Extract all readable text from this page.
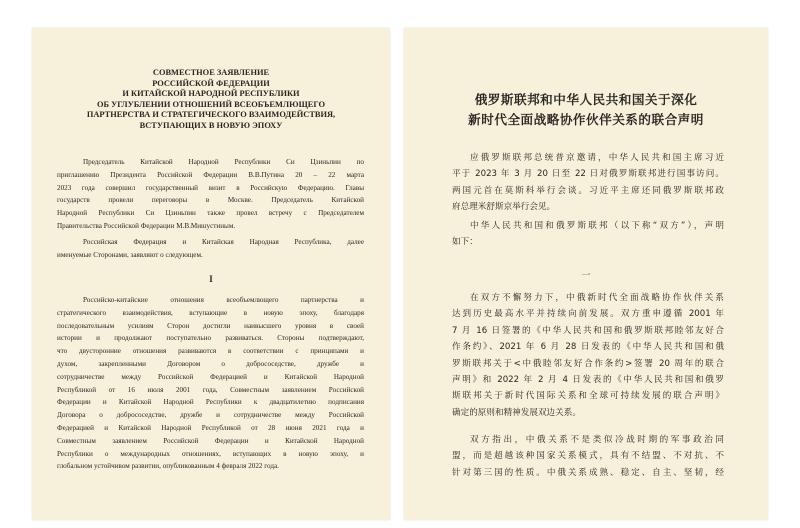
СОВМЕСТНОЕ ЗАЯВЛЕНИЕ
РОССИЙСКОЙ ФЕДЕРАЦИИ
И КИТАЙСКОЙ НАРОДНОЙ РЕСПУБЛИКИ
ОБ УГЛУБЛЕНИИ ОТНОШЕНИЙ ВСЕОБЪЕМЛЮЩЕГО
ПАРТНЕРСТВА И СТРАТЕГИЧЕСКОГО ВЗАИМОДЕЙСТВИЯ,
ВСТУПАЮЩИХ В НОВУЮ ЭПОХУ
Председатель Китайской Народной Республики Си Цзиньпин по
приглашению Президента Российской Федерации В.В.Путина 20 – 22 марта
2023 года совершил государственный визит в Российскую Федерацию. Главы
государств провели переговоры в Москве. Председатель Китайской
Народной Республики Си Цзиньпин также провел встречу с Председателем
Правительства Российской Федерации М.В.Мишустиным.
Российская Федерация и Китайская Народная Республика, далее
именуемые Сторонами, заявляют о следующем.
I
Российско-китайские отношения всеобъемлющего партнерства и
стратегического взаимодействия, вступающие в новую эпоху, благодаря
последовательным усилиям Сторон достигли наивысшего уровня в своей
истории и продолжают поступательно развиваться. Стороны подтверждают,
что двусторонние отношения развиваются в соответствии с принципами и
духом, закрепленными Договором о добрососедстве, дружбе и
сотрудничестве между Российской Федерацией и Китайской Народной
Республикой от 16 июля 2001 года, Совместным заявлением Российской
Федерации и Китайской Народной Республики к двадцатилетию подписания
Договора о добрососедстве, дружбе и сотрудничестве между Российской
Федерацией и Китайской Народной Республикой от 28 июня 2021 года и
Совместным заявлением Российской Федерации и Китайской Народной
Республики о международных отношениях, вступающих в новую эпоху, и
глобальном устойчивом развитии, опубликованным 4 февраля 2022 года.
俄罗斯联邦和中华人民共和国关于深化
新时代全面战略协作伙伴关系的联合声明
应俄罗斯联邦总统普京邀请，中华人民共和国主席习近
平于 2023 年 3 月 20 日至 22 日对俄罗斯联邦进行国事访问。
两国元首在莫斯科举行会谈。习近平主席还同俄罗斯联邦政
府总理米舒斯京举行会见。
中华人民共和国和俄罗斯联邦（以下称“双方”），声明
如下：
一
在双方不懈努力下，中俄新时代全面战略协作伙伴关系
达到历史最高水平并持续向前发展。双方重申遵循 2001 年
7 月 16 日签署的《中华人民共和国和俄罗斯联邦睦邻友好合
作条约》、2021 年 6 月 28 日发表的《中华人民共和国和俄
罗斯联邦关于<中俄睦邻友好合作条约>签署 20 周年的联合
声明》和 2022 年 2 月 4 日发表的《中华人民共和国和俄罗
斯联邦关于新时代国际关系和全球可持续发展的联合声明》
确定的原则和精神发展双边关系。
双方指出，中俄关系不是类似冷战时期的军事政治同
盟，而是超越该种国家关系模式，具有不结盟、不对抗、不
针对第三国的性质。中俄关系成熟、稳定、自主、坚韧，经
